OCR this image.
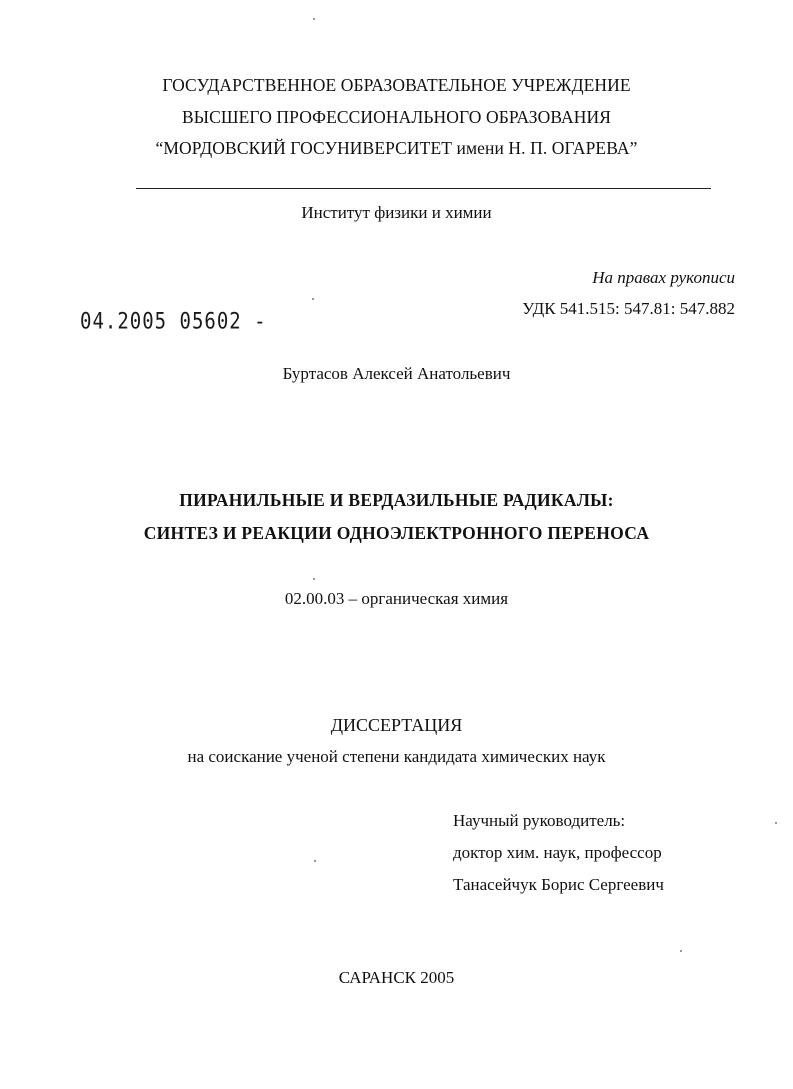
ГОСУДАРСТВЕННОЕ ОБРАЗОВАТЕЛЬНОЕ УЧРЕЖДЕНИЕ
ВЫСШЕГО ПРОФЕССИОНАЛЬНОГО ОБРАЗОВАНИЯ
“МОРДОВСКИЙ ГОСУНИВЕРСИТЕТ имени Н. П. ОГАРЕВА”
Институт физики и химии
На правах рукописи
УДК 541.515: 547.81: 547.882
04.2005 05602 -
Буртасов Алексей Анатольевич
ПИРАНИЛЬНЫЕ И ВЕРДАЗИЛЬНЫЕ РАДИКАЛЫ:
СИНТЕЗ И РЕАКЦИИ ОДНОЭЛЕКТРОННОГО ПЕРЕНОСА
02.00.03 – органическая химия
ДИССЕРТАЦИЯ
на соискание ученой степени кандидата химических наук
Научный руководитель:
доктор хим. наук, профессор
Танасейчук Борис Сергеевич
САРАНСК 2005
